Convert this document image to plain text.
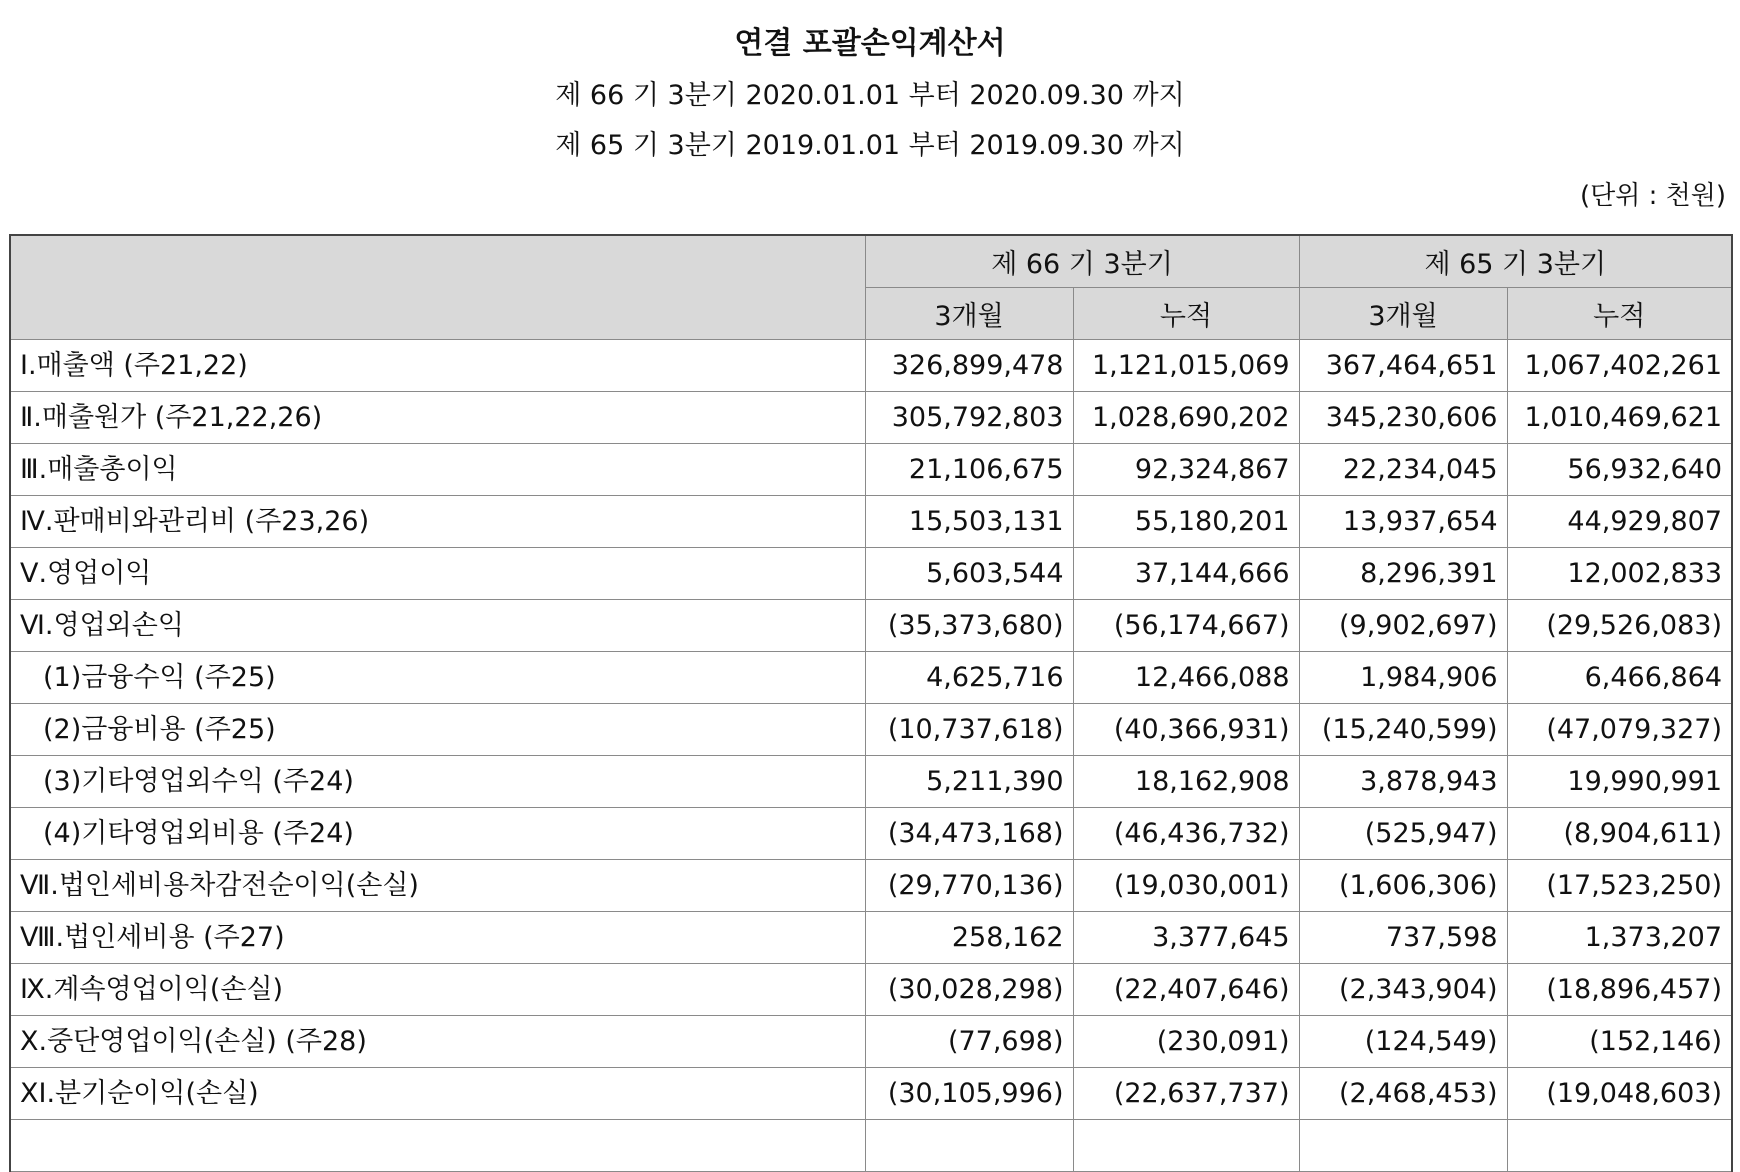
연결 포괄손익계산서
제 66 기 3분기 2020.01.01 부터 2020.09.30 까지
제 65 기 3분기 2019.01.01 부터 2019.09.30 까지
(단위 : 천원)
	제 66 기 3분기		제 65 기 3분기	
	3개월	누적	3개월	누적
Ⅰ.매출액 (주21,22)	326,899,478	1,121,015,069	367,464,651	1,067,402,261
Ⅱ.매출원가 (주21,22,26)	305,792,803	1,028,690,202	345,230,606	1,010,469,621
Ⅲ.매출총이익	21,106,675	92,324,867	22,234,045	56,932,640
Ⅳ.판매비와관리비 (주23,26)	15,503,131	55,180,201	13,937,654	44,929,807
Ⅴ.영업이익	5,603,544	37,144,666	8,296,391	12,002,833
Ⅵ.영업외손익	(35,373,680)	(56,174,667)	(9,902,697)	(29,526,083)
(1)금융수익 (주25)	4,625,716	12,466,088	1,984,906	6,466,864
(2)금융비용 (주25)	(10,737,618)	(40,366,931)	(15,240,599)	(47,079,327)
(3)기타영업외수익 (주24)	5,211,390	18,162,908	3,878,943	19,990,991
(4)기타영업외비용 (주24)	(34,473,168)	(46,436,732)	(525,947)	(8,904,611)
Ⅶ.법인세비용차감전순이익(손실)	(29,770,136)	(19,030,001)	(1,606,306)	(17,523,250)
Ⅷ.법인세비용 (주27)	258,162	3,377,645	737,598	1,373,207
Ⅸ.계속영업이익(손실)	(30,028,298)	(22,407,646)	(2,343,904)	(18,896,457)
Ⅹ.중단영업이익(손실) (주28)	(77,698)	(230,091)	(124,549)	(152,146)
XI.분기순이익(손실)	(30,105,996)	(22,637,737)	(2,468,453)	(19,048,603)
